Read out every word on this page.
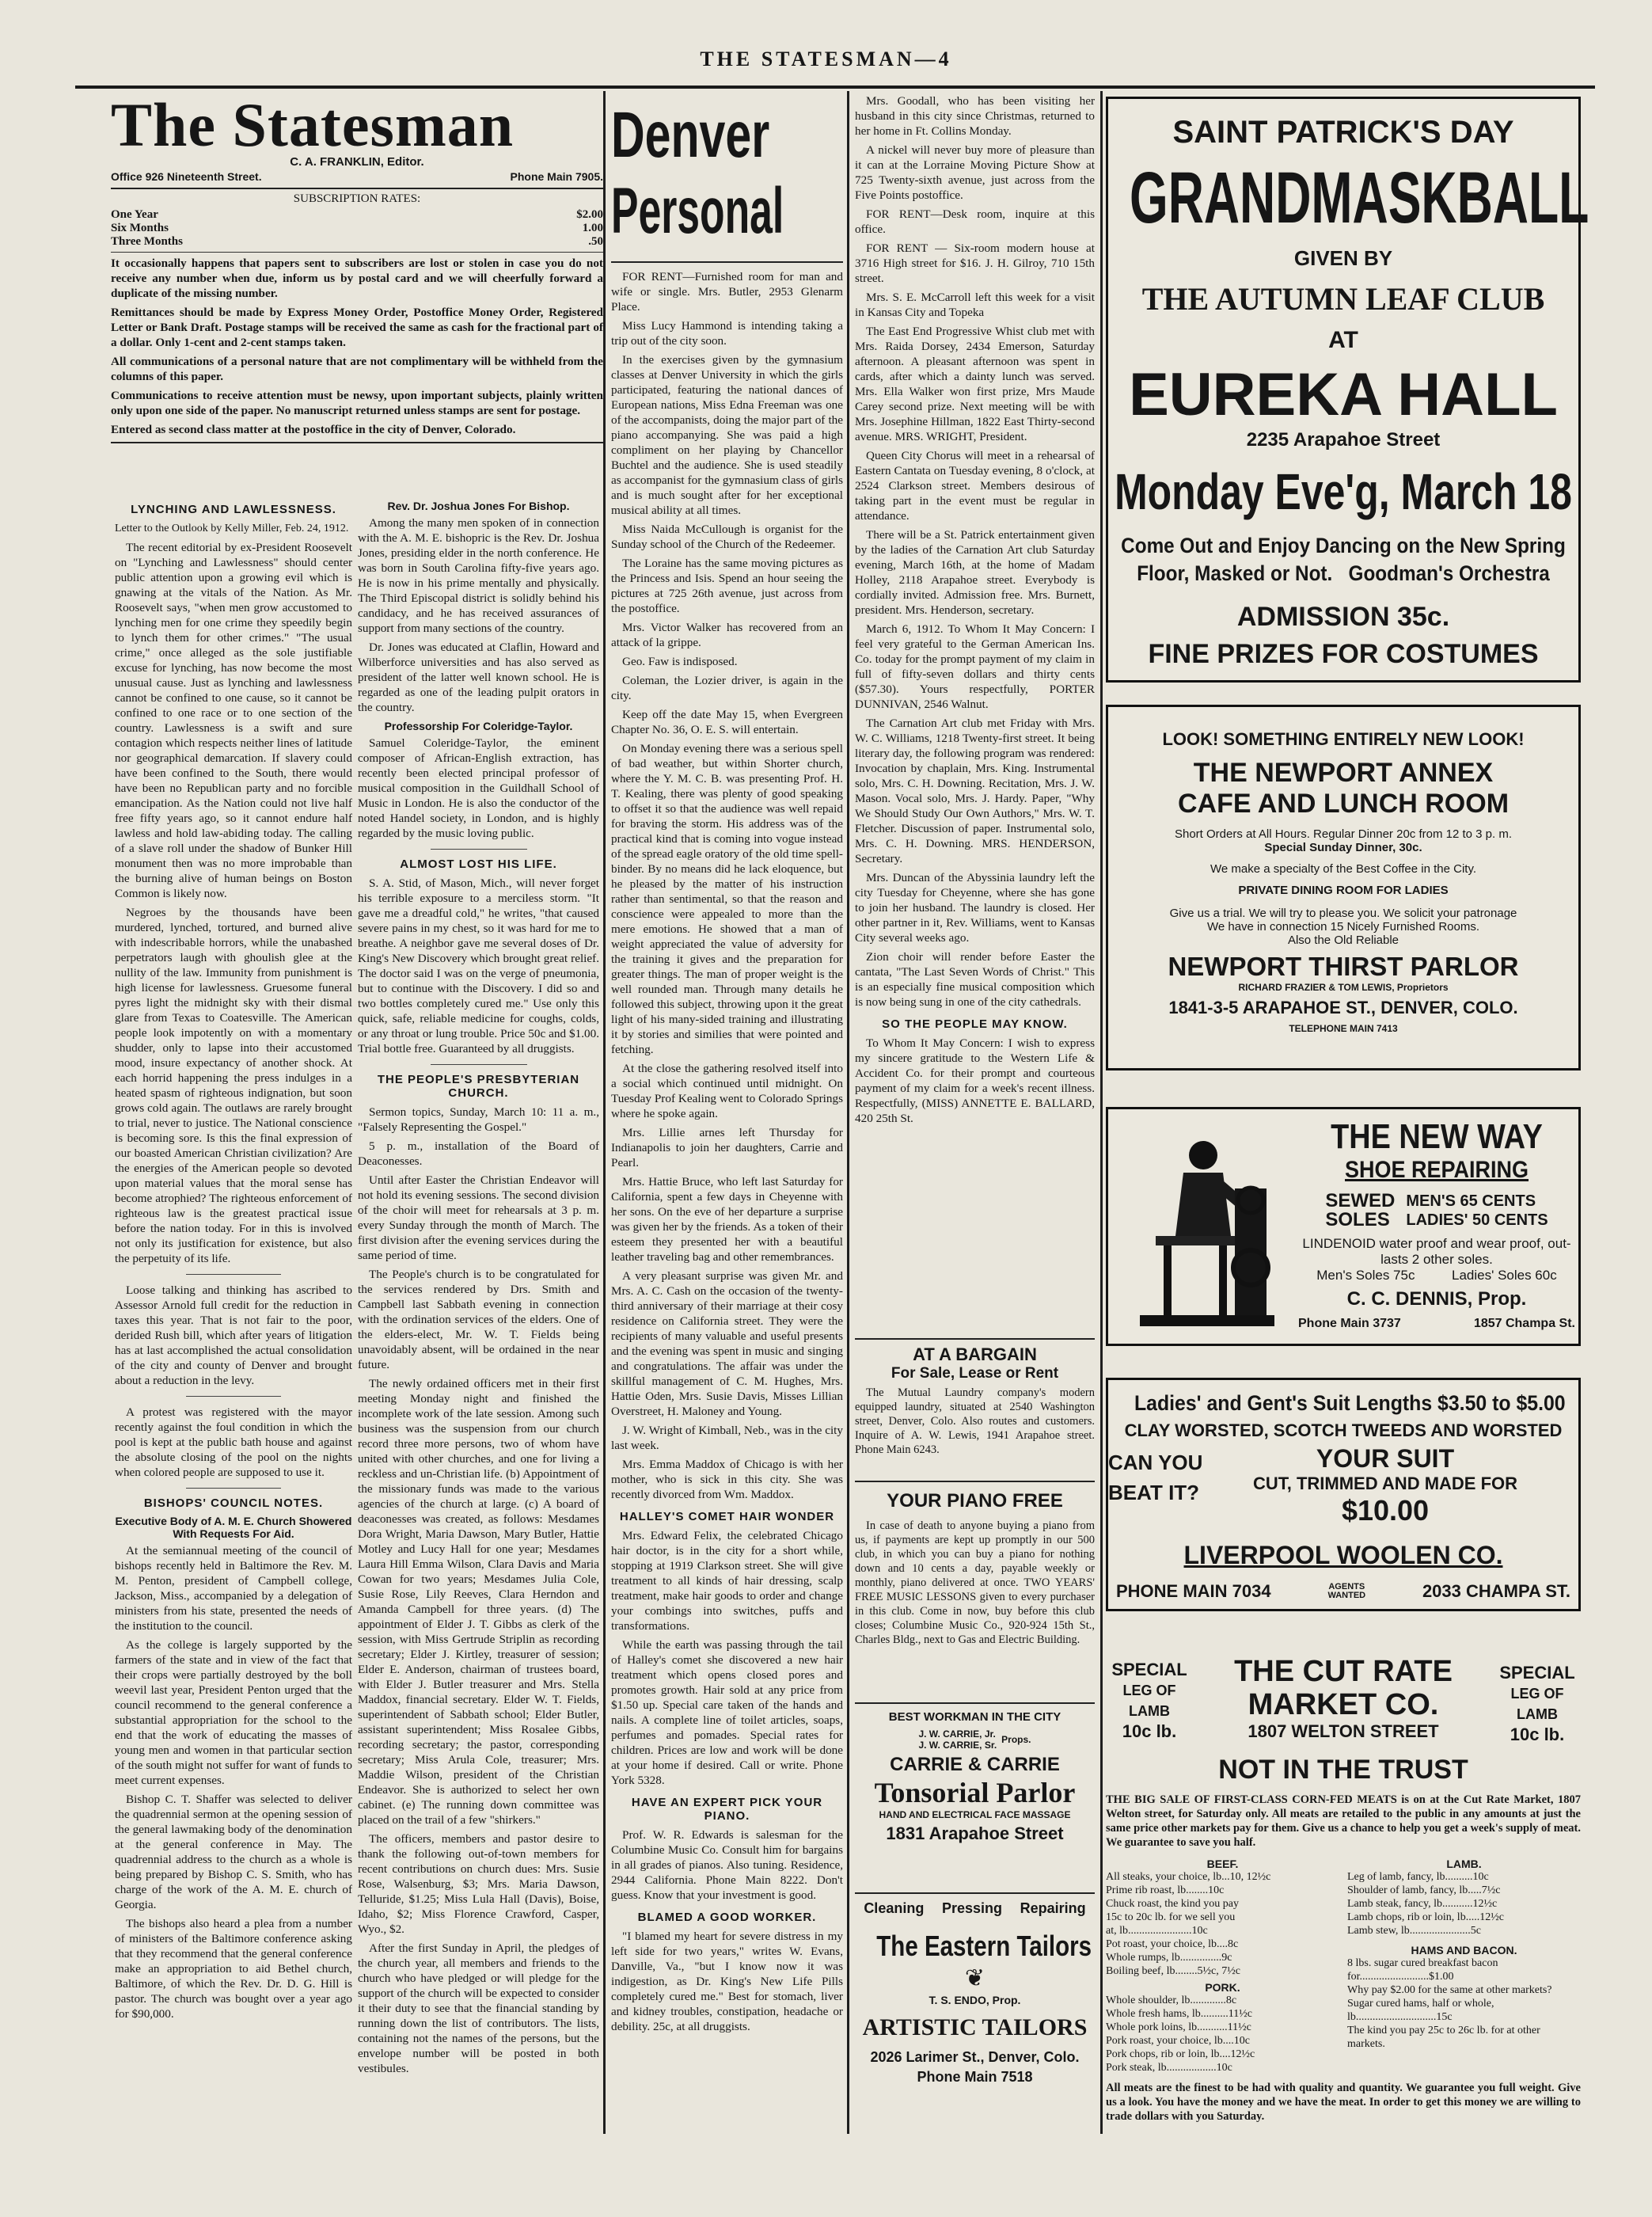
THE STATESMAN—4
The Statesman
C. A. FRANKLIN, Editor.
Office 926 Nineteenth Street.	Phone Main 7905.
SUBSCRIPTION RATES:
One Year	$2.00
Six Months	1.00
Three Months	.50

It occasionally happens that papers sent to subscribers are lost or stolen in case you do not receive any number when due, inform us by postal card and we will cheerfully forward a duplicate of the missing number.

Remittances should be made by Express Money Order, Postoffice Money Order, Registered Letter or Bank Draft. Postage stamps will be received the same as cash for the fractional part of a dollar. Only 1-cent and 2-cent stamps taken.

All communications of a personal nature that are not complimentary will be withheld from the columns of this paper.

Communications to receive attention must be newsy, upon important subjects, plainly written only upon one side of the paper. No manuscript returned unless stamps are sent for postage.

Entered as second class matter at the postoffice in the city of Denver, Colorado.

LYNCHING AND LAWLESSNESS.

Letter to the Outlook by Kelly Miller, Feb. 24, 1912.

The recent editorial by ex-President Roosevelt on "Lynching and Lawlessness" should center public attention upon a growing evil which is gnawing at the vitals of the Nation. As Mr. Roosevelt says, "when men grow accustomed to lynching men for one crime they speedily begin to lynch them for other crimes." "The usual crime," once alleged as the sole justifiable excuse for lynching, has now become the most unusual cause. Just as lynching and lawlessness cannot be confined to one cause, so it cannot be confined to one race or to one section of the country. Lawlessness is a swift and sure contagion which respects neither lines of latitude nor geographical demarcation. If slavery could have been confined to the South, there would have been no Republican party and no forcible emancipation. As the Nation could not live half free fifty years ago, so it cannot endure half lawless and hold law-abiding today. The calling of a slave roll under the shadow of Bunker Hill monument then was no more improbable than the burning alive of human beings on Boston Common is likely now.

Negroes by the thousands have been murdered, lynched, tortured, and burned alive with indescribable horrors, while the unabashed perpetrators laugh with ghoulish glee at the nullity of the law. Immunity from punishment is high license for lawlessness. Gruesome funeral pyres light the midnight sky with their dismal glare from Texas to Coatesville. The American people look impotently on with a momentary shudder, only to lapse into their accustomed mood, insure expectancy of another shock. At each horrid happening the press indulges in a heated spasm of righteous indignation, but soon grows cold again. The outlaws are rarely brought to trial, never to justice. The National conscience is becoming sore. Is this the final expression of our boasted American Christian civilization? Are the energies of the American people so devoted upon material values that the moral sense has become atrophied? The righteous enforcement of righteous law is the greatest practical issue before the nation today. For in this is involved not only its justification for existence, but also the perpetuity of its life.

Loose talking and thinking has ascribed to Assessor Arnold full credit for the reduction in taxes this year. That is not fair to the poor, derided Rush bill, which after years of litigation has at last accomplished the actual consolidation of the city and county of Denver and brought about a reduction in the levy.

A protest was registered with the mayor recently against the foul condition in which the pool is kept at the public bath house and against the absolute closing of the pool on the nights when colored people are supposed to use it.

BISHOPS' COUNCIL NOTES.
Executive Body of A. M. E. Church Showered With Requests For Aid.

At the semiannual meeting of the council of bishops recently held in Baltimore the Rev. M. M. Penton, president of Campbell college, Jackson, Miss., accompanied by a delegation of ministers from his state, presented the needs of the institution to the council.

As the college is largely supported by the farmers of the state and in view of the fact that their crops were partially destroyed by the boll weevil last year, President Penton urged that the council recommend to the general conference a substantial appropriation for the school to the end that the work of educating the masses of young men and women in that particular section of the south might not suffer for want of funds to meet current expenses.

Bishop C. T. Shaffer was selected to deliver the quadrennial sermon at the opening session of the general lawmaking body of the denomination at the general conference in May. The quadrennial address to the church as a whole is being prepared by Bishop C. S. Smith, who has charge of the work of the A. M. E. church of Georgia.

The bishops also heard a plea from a number of ministers of the Baltimore conference asking that they recommend that the general conference make an appropriation to aid Bethel church, Baltimore, of which the Rev. Dr. D. G. Hill is pastor. The church was bought over a year ago for $90,000.

Rev. Dr. Joshua Jones For Bishop.

Among the many men spoken of in connection with the A. M. E. bishopric is the Rev. Dr. Joshua Jones, presiding elder in the north conference. He was born in South Carolina fifty-five years ago. He is now in his prime mentally and physically. The Third Episcopal district is solidly behind his candidacy, and he has received assurances of support from many sections of the country.

Dr. Jones was educated at Claflin, Howard and Wilberforce universities and has also served as president of the latter well known school. He is regarded as one of the leading pulpit orators in the country.

Professorship For Coleridge-Taylor.

Samuel Coleridge-Taylor, the eminent composer of African-English extraction, has recently been elected principal professor of musical composition in the Guildhall School of Music in London. He is also the conductor of the noted Handel society, in London, and is highly regarded by the music loving public.

ALMOST LOST HIS LIFE.

S. A. Stid, of Mason, Mich., will never forget his terrible exposure to a merciless storm. "It gave me a dreadful cold," he writes, "that caused severe pains in my chest, so it was hard for me to breathe. A neighbor gave me several doses of Dr. King's New Discovery which brought great relief. The doctor said I was on the verge of pneumonia, but to continue with the Discovery. I did so and two bottles completely cured me." Use only this quick, safe, reliable medicine for coughs, colds, or any throat or lung trouble. Price 50c and $1.00. Trial bottle free. Guaranteed by all druggists.

THE PEOPLE'S PRESBYTERIAN CHURCH.

Sermon topics, Sunday, March 10: 11 a. m., "Falsely Representing the Gospel."

5 p. m., installation of the Board of Deaconesses.

Until after Easter the Christian Endeavor will not hold its evening sessions. The second division of the choir will meet for rehearsals at 3 p. m. every Sunday through the month of March. The first division after the evening services during the same period of time.

The People's church is to be congratulated for the services rendered by Drs. Smith and Campbell last Sabbath evening in connection with the ordination services of the elders. One of the elders-elect, Mr. W. T. Fields being unavoidably absent, will be ordained in the near future.

The newly ordained officers met in their first meeting Monday night and finished the incomplete work of the late session. Among such business was the suspension from our church record three more persons, two of whom have united with other churches, and one for living a reckless and un-Christian life. (b) Appointment of the missionary funds was made to the various agencies of the church at large. (c) A board of deaconesses was created, as follows: Mesdames Dora Wright, Maria Dawson, Mary Butler, Hattie Motley and Lucy Hall for one year; Mesdames Laura Hill Emma Wilson, Clara Davis and Maria Cowan for two years; Mesdames Julia Cole, Susie Rose, Lily Reeves, Clara Herndon and Amanda Campbell for three years. (d) The appointment of Elder J. T. Gibbs as clerk of the session, with Miss Gertrude Striplin as recording secretary; Elder J. Kirtley, treasurer of session; Elder E. Anderson, chairman of trustees board, with Elder J. Butler treasurer and Mrs. Stella Maddox, financial secretary. Elder W. T. Fields, superintendent of Sabbath school; Elder Butler, assistant superintendent; Miss Rosalee Gibbs, recording secretary; the pastor, corresponding secretary; Miss Arula Cole, treasurer; Mrs. Maddie Wilson, president of the Christian Endeavor. She is authorized to select her own cabinet. (e) The running down committee was placed on the trail of a few "shirkers."

The officers, members and pastor desire to thank the following out-of-town members for recent contributions on church dues: Mrs. Susie Rose, Walsenburg, $3; Mrs. Maria Dawson, Telluride, $1.25; Miss Lula Hall (Davis), Boise, Idaho, $2; Miss Florence Crawford, Casper, Wyo., $2.

After the first Sunday in April, the pledges of the church year, all members and friends to the church who have pledged or will pledge for the support of the church will be expected to consider it their duty to see that the financial standing by running down the list of contributors. The lists, containing not the names of the persons, but the envelope number will be posted in both vestibules.

Denver
Personal

FOR RENT—Furnished room for man and wife or single. Mrs. Butler, 2953 Glenarm Place.

Miss Lucy Hammond is intending taking a trip out of the city soon.

In the exercises given by the gymnasium classes at Denver University in which the girls participated, featuring the national dances of European nations, Miss Edna Freeman was one of the accompanists, doing the major part of the piano accompanying. She was paid a high compliment on her playing by Chancellor Buchtel and the audience. She is used steadily as accompanist for the gymnasium class of girls and is much sought after for her exceptional musical ability at all times.

Miss Naida McCullough is organist for the Sunday school of the Church of the Redeemer.

The Loraine has the same moving pictures as the Princess and Isis. Spend an hour seeing the pictures at 725 26th avenue, just across from the postoffice.

Mrs. Victor Walker has recovered from an attack of la grippe.

Geo. Faw is indisposed.

Coleman, the Lozier driver, is again in the city.

Keep off the date May 15, when Evergreen Chapter No. 36, O. E. S. will entertain.

On Monday evening there was a serious spell of bad weather, but within Shorter church, where the Y. M. C. B. was presenting Prof. H. T. Kealing, there was plenty of good speaking to offset it so that the audience was well repaid for braving the storm. His address was of the practical kind that is coming into vogue instead of the spread eagle oratory of the old time spell-binder. By no means did he lack eloquence, but he pleased by the matter of his instruction rather than sentimental, so that the reason and conscience were appealed to more than the mere emotions. He showed that a man of weight appreciated the value of adversity for the training it gives and the preparation for greater things. The man of proper weight is the well rounded man. Through many details he followed this subject, throwing upon it the great light of his many-sided training and illustrating it by stories and similies that were pointed and fetching.

At the close the gathering resolved itself into a social which continued until midnight. On Tuesday Prof Kealing went to Colorado Springs where he spoke again.

Mrs. Lillie arnes left Thursday for Indianapolis to join her daughters, Carrie and Pearl.

Mrs. Hattie Bruce, who left last Saturday for California, spent a few days in Cheyenne with her sons. On the eve of her departure a surprise was given her by the friends. As a token of their esteem they presented her with a beautiful leather traveling bag and other remembrances.

A very pleasant surprise was given Mr. and Mrs. A. C. Cash on the occasion of the twenty-third anniversary of their marriage at their cosy residence on California street. They were the recipients of many valuable and useful presents and the evening was spent in music and singing and congratulations. The affair was under the skillful management of C. M. Hughes, Mrs. Hattie Oden, Mrs. Susie Davis, Misses Lillian Overstreet, H. Maloney and Young.

J. W. Wright of Kimball, Neb., was in the city last week.

Mrs. Emma Maddox of Chicago is with her mother, who is sick in this city. She was recently divorced from Wm. Maddox.

HALLEY'S COMET HAIR WONDER

Mrs. Edward Felix, the celebrated Chicago hair doctor, is in the city for a short while, stopping at 1919 Clarkson street. She will give treatment to all kinds of hair dressing, scalp treatment, make hair goods to order and change your combings into switches, puffs and transformations.

While the earth was passing through the tail of Halley's comet she discovered a new hair treatment which opens closed pores and promotes growth. Hair sold at any price from $1.50 up. Special care taken of the hands and nails. A complete line of toilet articles, soaps, perfumes and pomades. Special rates for children. Prices are low and work will be done at your home if desired. Call or write. Phone York 5328.

HAVE AN EXPERT PICK YOUR PIANO.

Prof. W. R. Edwards is salesman for the Columbine Music Co. Consult him for bargains in all grades of pianos. Also tuning. Residence, 2944 California. Phone Main 8222. Don't guess. Know that your investment is good.

BLAMED A GOOD WORKER.

"I blamed my heart for severe distress in my left side for two years," writes W. Evans, Danville, Va., "but I know now it was indigestion, as Dr. King's New Life Pills completely cured me." Best for stomach, liver and kidney troubles, constipation, headache or debility. 25c, at all druggists.

Mrs. Goodall, who has been visiting her husband in this city since Christmas, returned to her home in Ft. Collins Monday.

A nickel will never buy more of pleasure than it can at the Lorraine Moving Picture Show at 725 Twenty-sixth avenue, just across from the Five Points postoffice.

FOR RENT—Desk room, inquire at this office.

FOR RENT — Six-room modern house at 3716 High street for $16. J. H. Gilroy, 710 15th street.

Mrs. S. E. McCarroll left this week for a visit in Kansas City and Topeka

The East End Progressive Whist club met with Mrs. Raida Dorsey, 2434 Emerson, Saturday afternoon. A pleasant afternoon was spent in cards, after which a dainty lunch was served. Mrs. Ella Walker won first prize, Mrs Maude Carey second prize. Next meeting will be with Mrs. Josephine Hillman, 1822 East Thirty-second avenue. MRS. WRIGHT, President.

Queen City Chorus will meet in a rehearsal of Eastern Cantata on Tuesday evening, 8 o'clock, at 2524 Clarkson street. Members desirous of taking part in the event must be regular in attendance.

There will be a St. Patrick entertainment given by the ladies of the Carnation Art club Saturday evening, March 16th, at the home of Madam Holley, 2118 Arapahoe street. Everybody is cordially invited. Admission free. Mrs. Burnett, president. Mrs. Henderson, secretary.

March 6, 1912. To Whom It May Concern: I feel very grateful to the German American Ins. Co. today for the prompt payment of my claim in full of fifty-seven dollars and thirty cents ($57.30). Yours respectfully, PORTER DUNNIVAN, 2546 Walnut.

The Carnation Art club met Friday with Mrs. W. C. Williams, 1218 Twenty-first street. It being literary day, the following program was rendered: Invocation by chaplain, Mrs. King. Instrumental solo, Mrs. C. H. Downing. Recitation, Mrs. J. W. Mason. Vocal solo, Mrs. J. Hardy. Paper, "Why We Should Study Our Own Authors," Mrs. W. T. Fletcher. Discussion of paper. Instrumental solo, Mrs. C. H. Downing. MRS. HENDERSON, Secretary.

Mrs. Duncan of the Abyssinia laundry left the city Tuesday for Cheyenne, where she has gone to join her husband. The laundry is closed. Her other partner in it, Rev. Williams, went to Kansas City several weeks ago.

Zion choir will render before Easter the cantata, "The Last Seven Words of Christ." This is an especially fine musical composition which is now being sung in one of the city cathedrals.

SO THE PEOPLE MAY KNOW.

To Whom It May Concern: I wish to express my sincere gratitude to the Western Life & Accident Co. for their prompt and courteous payment of my claim for a week's recent illness. Respectfully, (MISS) ANNETTE E. BALLARD, 420 25th St.

AT A BARGAIN
For Sale, Lease or Rent
The Mutual Laundry company's modern equipped laundry, situated at 2540 Washington street, Denver, Colo. Also routes and customers. Inquire of A. W. Lewis, 1941 Arapahoe street. Phone Main 6243.
YOUR PIANO FREE
In case of death to anyone buying a piano from us, if payments are kept up promptly in our 500 club, in which you can buy a piano for nothing down and 10 cents a day, payable weekly or monthly, piano delivered at once. TWO YEARS' FREE MUSIC LESSONS given to every purchaser in this club. Come in now, buy before this club closes; Columbine Music Co., 920-924 15th St., Charles Bldg., next to Gas and Electric Building.
BEST WORKMAN IN THE CITY
J. W. CARRIE, Jr.
J. W. CARRIE, Sr. Props.
CARRIE & CARRIE
Tonsorial Parlor
HAND AND ELECTRICAL FACE MASSAGE
1831 Arapahoe Street
Cleaning Pressing Repairing
The Eastern Tailors
❦
T. S. ENDO, Prop.
ARTISTIC TAILORS
2026 Larimer St., Denver, Colo.
Phone Main 7518
SAINT PATRICK'S DAY
GRANDMASKBALL
GIVEN BY
THE AUTUMN LEAF CLUB
AT
EUREKA HALL
2235 Arapahoe Street
Monday Eve'g, March 18
Come Out and Enjoy Dancing on the New Spring
Floor, Masked or Not. Goodman's Orchestra
ADMISSION 35c.
FINE PRIZES FOR COSTUMES
LOOK! SOMETHING ENTIRELY NEW LOOK!
THE NEWPORT ANNEX
CAFE AND LUNCH ROOM
Short Orders at All Hours. Regular Dinner 20c from 12 to 3 p. m.
Special Sunday Dinner, 30c.
We make a specialty of the Best Coffee in the City.
PRIVATE DINING ROOM FOR LADIES
Give us a trial. We will try to please you. We solicit your patronage
We have in connection 15 Nicely Furnished Rooms.
Also the Old Reliable
NEWPORT THIRST PARLOR
RICHARD FRAZIER & TOM LEWIS, Proprietors
1841-3-5 ARAPAHOE ST., DENVER, COLO.
TELEPHONE MAIN 7413
THE NEW WAY
SHOE REPAIRING
SEWED
SOLES
MEN'S 65 CENTS
LADIES' 50 CENTS
LINDENOID water proof and wear proof, out-lasts 2 other soles.
Men's Soles 75c	Ladies' Soles 60c
C. C. DENNIS, Prop.
Phone Main 3737	1857 Champa St.
Ladies' and Gent's Suit Lengths $3.50 to $5.00
CLAY WORSTED, SCOTCH TWEEDS AND WORSTED
CAN YOU
BEAT IT?
YOUR SUIT
CUT, TRIMMED AND MADE FOR
$10.00
LIVERPOOL WOOLEN CO.
PHONE MAIN 7034	AGENTS WANTED	2033 CHAMPA ST.
SPECIAL
LEG OF LAMB
10c lb.
SPECIAL
LEG OF LAMB
10c lb.
THE CUT RATE
MARKET CO.
1807 WELTON STREET
NOT IN THE TRUST
THE BIG SALE OF FIRST-CLASS CORN-FED MEATS is on at the Cut Rate Market, 1807 Welton street, for Saturday only. All meats are retailed to the public in any amounts at just the same price other markets pay for them. Give us a chance to help you get a week's supply of meat. We guarantee to save you half.
BEEF.
All steaks, your choice, lb...10, 12½c
Prime rib roast, lb........10c
Chuck roast, the kind you pay
15c to 20c lb. for we sell you
at, lb.......................10c
Pot roast, your choice, lb....8c
Whole rumps, lb...............9c
Boiling beef, lb........5½c, 7½c
PORK.
Whole shoulder, lb.............8c
Whole fresh hams, lb..........11½c
Whole pork loins, lb...........11½c
Pork roast, your choice, lb....10c
Pork chops, rib or loin, lb....12½c
Pork steak, lb..................10c
LAMB.
Leg of lamb, fancy, lb..........10c
Shoulder of lamb, fancy, lb.....7½c
Lamb steak, fancy, lb...........12½c
Lamb chops, rib or loin, lb.....12½c
Lamb stew, lb......................5c
HAMS AND BACON.
8 lbs. sugar cured breakfast bacon for.........................$1.00
Why pay $2.00 for the same at other markets?
Sugar cured hams, half or whole, lb.............................15c
The kind you pay 25c to 26c lb. for at other markets.
All meats are the finest to be had with quality and quantity. We guarantee you full weight. Give us a look. You have the money and we have the meat. In order to get this money we are willing to trade dollars with you Saturday.
